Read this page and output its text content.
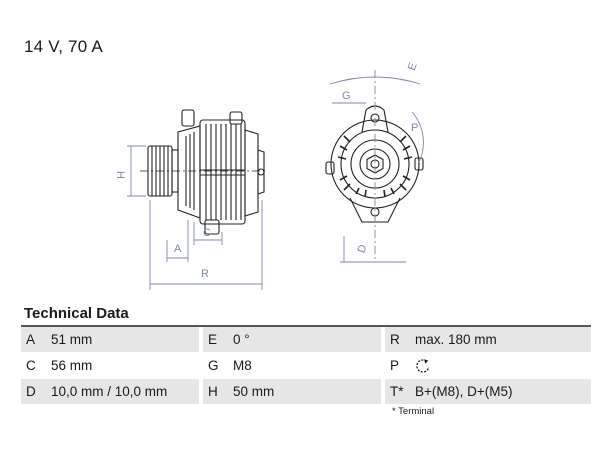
14 V, 70 A
H
A
C
R
E
G
P
D
Technical Data
A	51 mm		E	0 °		R	max. 180 mm
C	56 mm		G	M8		P	
D	10,0 mm / 10,0 mm		H	50 mm		T*	B+(M8), D+(M5)
* Terminal
